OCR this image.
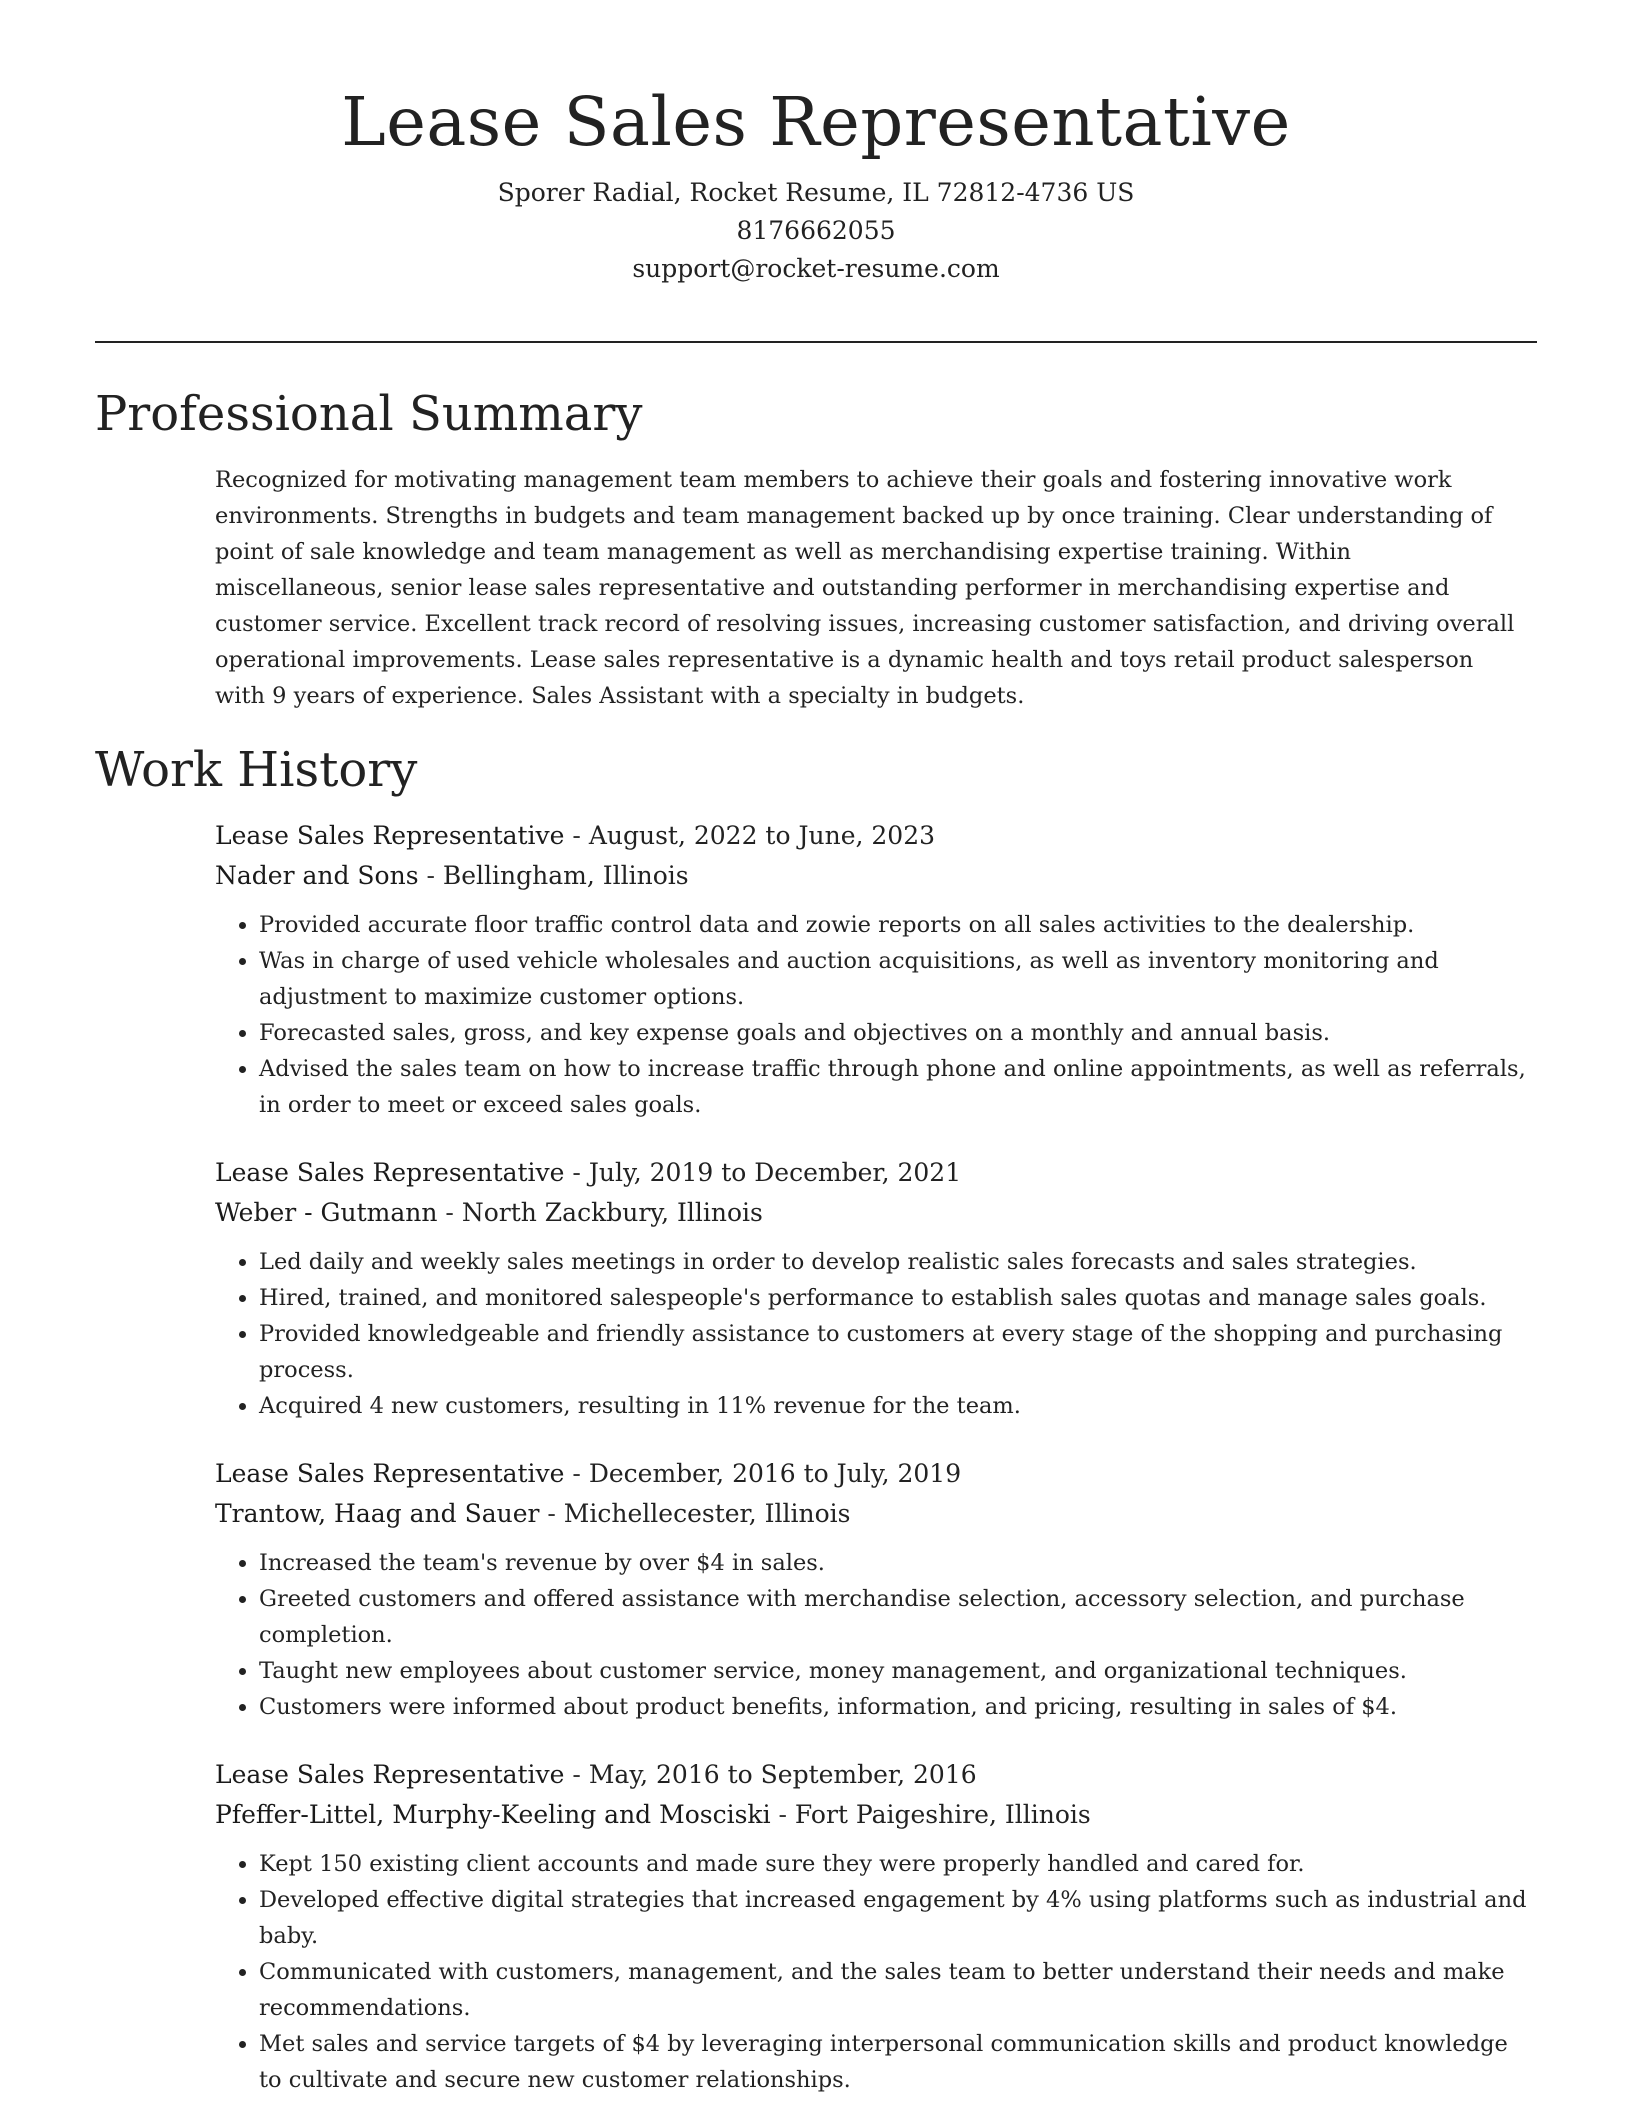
Lease Sales Representative
Sporer Radial, Rocket Resume, IL 72812-4736 US
8176662055
support@rocket-resume.com
Professional Summary

Recognized for motivating management team members to achieve their goals and fostering innovative work environments. Strengths in budgets and team management backed up by once training. Clear understanding of point of sale knowledge and team management as well as merchandising expertise training. Within miscellaneous, senior lease sales representative and outstanding performer in merchandising expertise and customer service. Excellent track record of resolving issues, increasing customer satisfaction, and driving overall operational improvements. Lease sales representative is a dynamic health and toys retail product salesperson with 9 years of experience. Sales Assistant with a specialty in budgets.

Work History
Lease Sales Representative - August, 2022 to June, 2023
Nader and Sons - Bellingham, Illinois
• Provided accurate floor traffic control data and zowie reports on all sales activities to the dealership.
• Was in charge of used vehicle wholesales and auction acquisitions, as well as inventory monitoring and adjustment to maximize customer options.
• Forecasted sales, gross, and key expense goals and objectives on a monthly and annual basis.
• Advised the sales team on how to increase traffic through phone and online appointments, as well as referrals, in order to meet or exceed sales goals.
Lease Sales Representative - July, 2019 to December, 2021
Weber - Gutmann - North Zackbury, Illinois
• Led daily and weekly sales meetings in order to develop realistic sales forecasts and sales strategies.
• Hired, trained, and monitored salespeople's performance to establish sales quotas and manage sales goals.
• Provided knowledgeable and friendly assistance to customers at every stage of the shopping and purchasing process.
• Acquired 4 new customers, resulting in 11% revenue for the team.
Lease Sales Representative - December, 2016 to July, 2019
Trantow, Haag and Sauer - Michellecester, Illinois
• Increased the team's revenue by over $4 in sales.
• Greeted customers and offered assistance with merchandise selection, accessory selection, and purchase completion.
• Taught new employees about customer service, money management, and organizational techniques.
• Customers were informed about product benefits, information, and pricing, resulting in sales of $4.
Lease Sales Representative - May, 2016 to September, 2016
Pfeffer-Littel, Murphy-Keeling and Mosciski - Fort Paigeshire, Illinois
• Kept 150 existing client accounts and made sure they were properly handled and cared for.
• Developed effective digital strategies that increased engagement by 4% using platforms such as industrial and baby.
• Communicated with customers, management, and the sales team to better understand their needs and make recommendations.
• Met sales and service targets of $4 by leveraging interpersonal communication skills and product knowledge to cultivate and secure new customer relationships.
